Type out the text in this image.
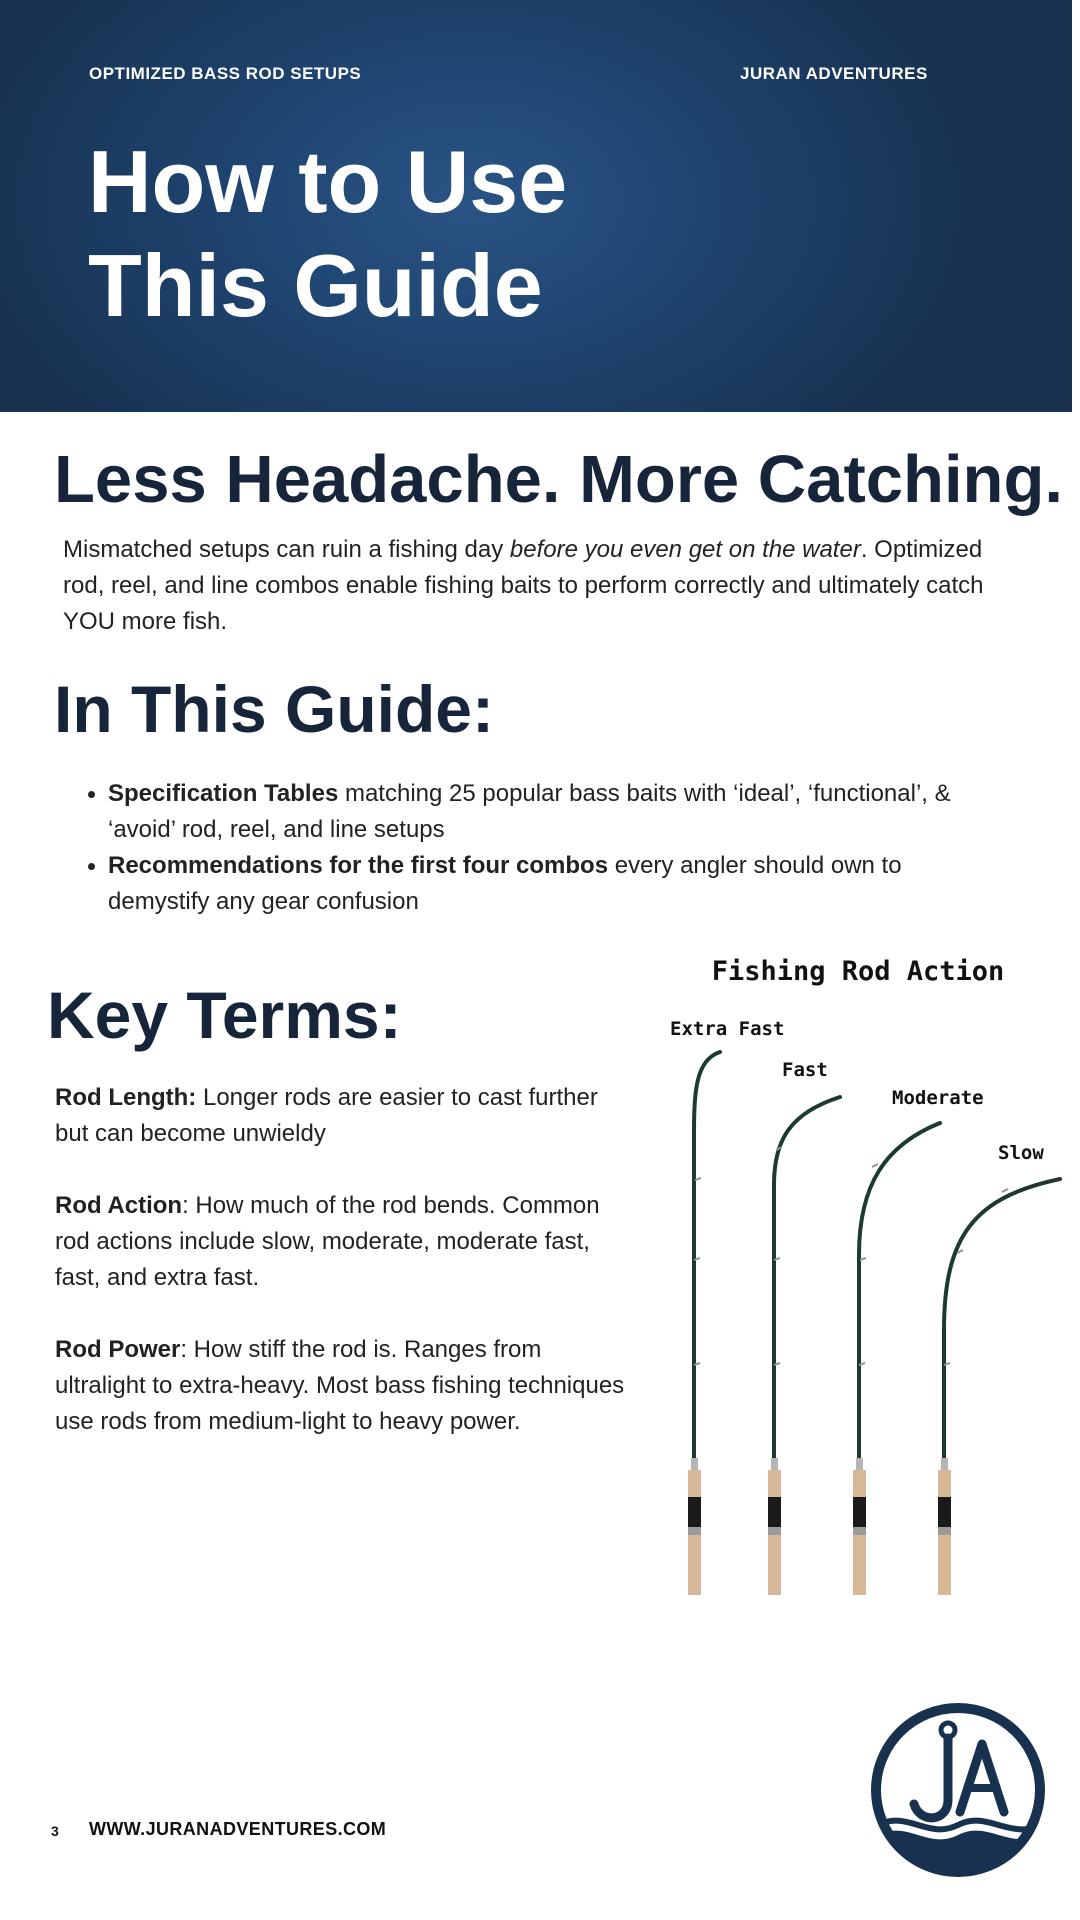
OPTIMIZED BASS ROD SETUPS	JURAN ADVENTURES
How to Use
This Guide
Less Headache. More Catching.

Mismatched setups can ruin a fishing day before you even get on the water. Optimized rod, reel, and line combos enable fishing baits to perform correctly and ultimately catch YOU more fish.

In This Guide:
Specification Tables matching 25 popular bass baits with ‘ideal’, ‘functional’, & ‘avoid’ rod, reel, and line setups
Recommendations for the first four combos every angler should own to demystify any gear confusion
Key Terms:

Rod Length: Longer rods are easier to cast further but can become unwieldy

Rod Action: How much of the rod bends. Common rod actions include slow, moderate, moderate fast, fast, and extra fast.

Rod Power: How stiff the rod is. Ranges from ultralight to extra-heavy. Most bass fishing techniques use rods from medium-light to heavy power.

Fishing Rod Action
Extra Fast
Fast
Moderate
Slow
3 WWW.JURANADVENTURES.COM
